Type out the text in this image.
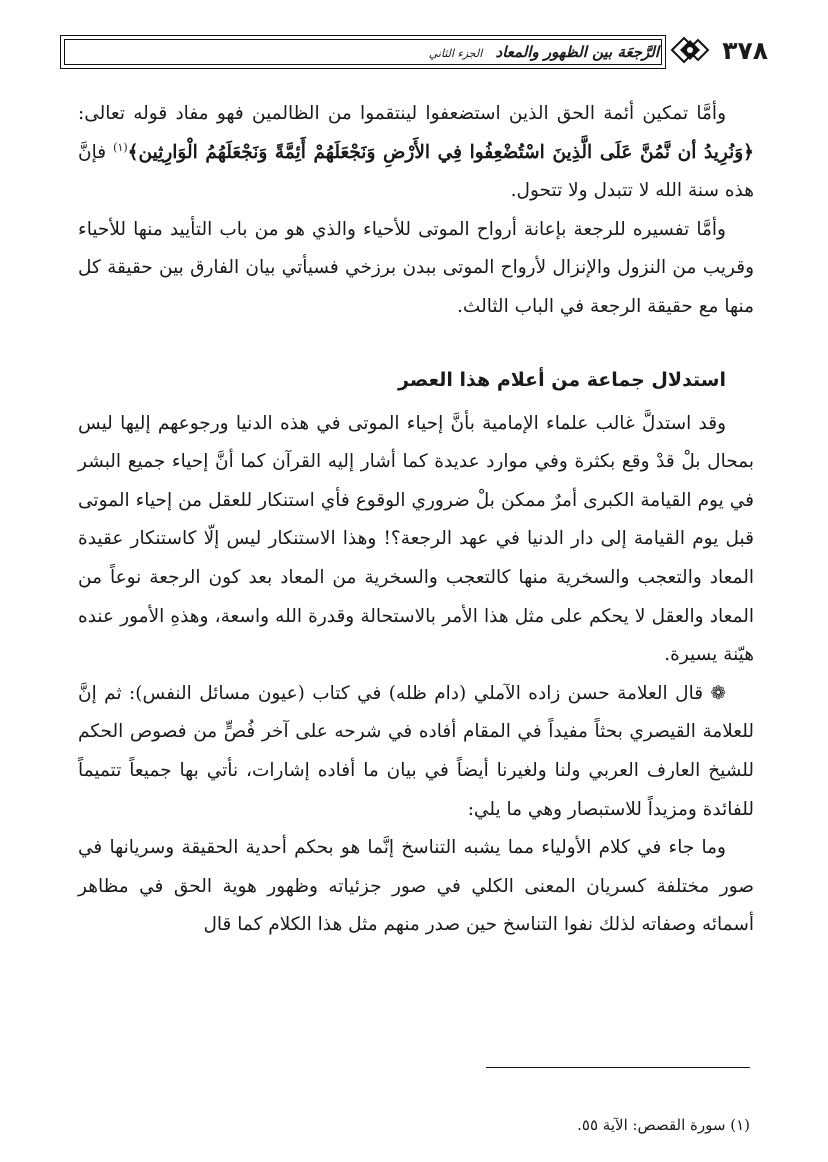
٣٧٨
الرَّجعَة بين الظهور والمعاد الجزء الثاني

وأمَّا تمكين أئمة الحق الذين استضعفوا لينتقموا من الظالمين فهو مفاد قوله تعالى: ﴿وَنُرِيدُ أن نَّمُنَّ عَلَى الَّذِينَ اسْتُضْعِفُوا فِي الأَرْضِ وَنَجْعَلَهُمْ أَئِمَّةً وَنَجْعَلَهُمُ الْوَارِثِين﴾$^{(١)}$ فإنَّ هذه سنة الله لا تتبدل ولا تتحول.

وأمَّا تفسيره للرجعة بإعانة أرواح الموتى للأحياء والذي هو من باب التأييد منها للأحياء وقريب من النزول والإنزال لأرواح الموتى ببدن برزخي فسيأتي بيان الفارق بين حقيقة كل منها مع حقيقة الرجعة في الباب الثالث.

استدلال جماعة من أعلام هذا العصر

وقد استدلَّ غالب علماء الإمامية بأنَّ إحياء الموتى في هذه الدنيا ورجوعهم إليها ليس بمحال بلْ قدْ وقع بكثرة وفي موارد عديدة كما أشار إليه القرآن كما أنَّ إحياء جميع البشر في يوم القيامة الكبرى أمرٌ ممكن بلْ ضروري الوقوع فأي استنكار للعقل من إحياء الموتى قبل يوم القيامة إلى دار الدنيا في عهد الرجعة؟! وهذا الاستنكار ليس إلّا كاستنكار عقيدة المعاد والتعجب والسخرية منها كالتعجب والسخرية من المعاد بعد كون الرجعة نوعاً من المعاد والعقل لا يحكم على مثل هذا الأمر بالاستحالة وقدرة الله واسعة، وهذهِ الأمور عنده هيّنة يسيرة.

❁ قال العلامة حسن زاده الآملي (دام ظله) في كتاب (عيون مسائل النفس): ثم إنَّ للعلامة القيصري بحثاً مفيداً في المقام أفاده في شرحه على آخر فُصٍّ من فصوص الحكم للشيخ العارف العربي ولنا ولغيرنا أيضاً في بيان ما أفاده إشارات، نأتي بها جميعاً تتميماً للفائدة ومزيداً للاستبصار وهي ما يلي:

وما جاء في كلام الأولياء مما يشبه التناسخ إنَّما هو بحكم أحدية الحقيقة وسريانها في صور مختلفة كسريان المعنى الكلي في صور جزئياته وظهور هوية الحق في مظاهر أسمائه وصفاته لذلك نفوا التناسخ حين صدر منهم مثل هذا الكلام كما قال

(١) سورة القصص: الآية ٥٥.
